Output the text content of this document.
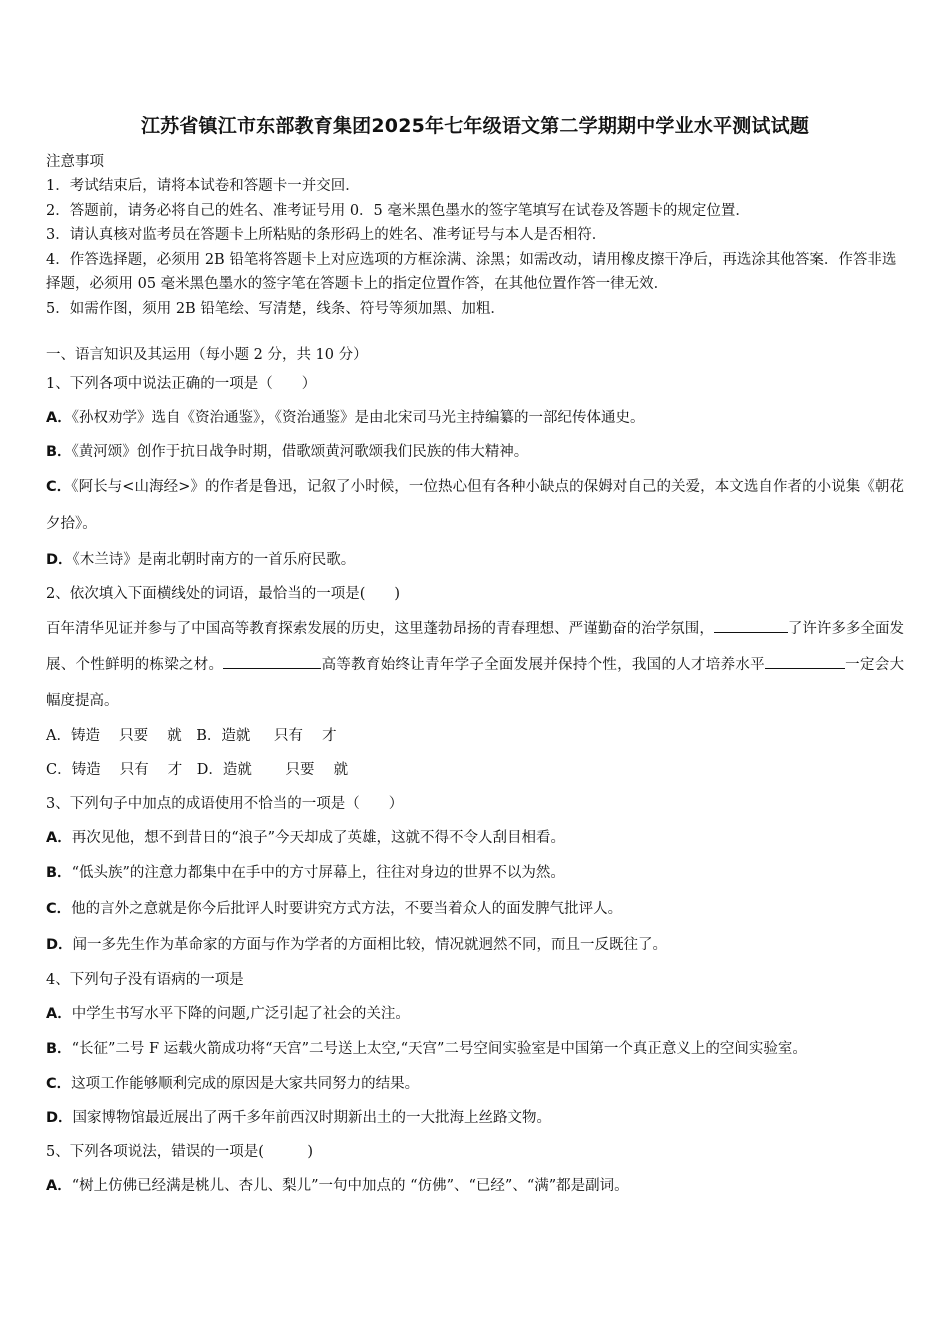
江苏省镇江市东部教育集团2025年七年级语文第二学期期中学业水平测试试题
注意事项
1．考试结束后，请将本试卷和答题卡一并交回．
2．答题前，请务必将自己的姓名、准考证号用 0．5 毫米黑色墨水的签字笔填写在试卷及答题卡的规定位置．
3．请认真核对监考员在答题卡上所粘贴的条形码上的姓名、准考证号与本人是否相符．
4．作答选择题，必须用 2B 铅笔将答题卡上对应选项的方框涂满、涂黑；如需改动，请用橡皮擦干净后，再选涂其他答案．作答非选择题，必须用 05 毫米黑色墨水的签字笔在答题卡上的指定位置作答，在其他位置作答一律无效．
5．如需作图，须用 2B 铅笔绘、写清楚，线条、符号等须加黑、加粗．
一、语言知识及其运用（每小题 2 分，共 10 分）
1、下列各项中说法正确的一项是（　　）
A．《孙权劝学》选自《资治通鉴》，《资治通鉴》是由北宋司马光主持编纂的一部纪传体通史。
B．《黄河颂》创作于抗日战争时期，借歌颂黄河歌颂我们民族的伟大精神。
C．《阿长与<山海经>》的作者是鲁迅，记叙了小时候，一位热心但有各种小缺点的保姆对自己的关爱，本文选自作者的小说集《朝花夕拾》。
D．《木兰诗》是南北朝时南方的一首乐府民歌。
2、依次填入下面横线处的词语，最恰当的一项是(　　)
百年清华见证并参与了中国高等教育探索发展的历史，这里蓬勃昂扬的青春理想、严谨勤奋的治学氛围，	了许许多多全面发展、个性鲜明的栋梁之材。	高等教育始终让青年学子全面发展并保持个性，我国的人才培养水平	一定会大幅度提高。
A．铸造　 只要　 就　B．造就　  只有　 才
C．铸造　 只有　 才　D．造就　　 只要　 就
3、下列句子中加点的成语使用不恰当的一项是（　　）
A．再次见他，想不到昔日的“浪子”今天却成了英雄，这就不得不令人刮目相看。
B．“低头族”的注意力都集中在手中的方寸屏幕上，往往对身边的世界不以为然。
C．他的言外之意就是你今后批评人时要讲究方式方法，不要当着众人的面发脾气批评人。
D．闻一多先生作为革命家的方面与作为学者的方面相比较，情况就迥然不同，而且一反既往了。
4、下列句子没有语病的一项是
A．中学生书写水平下降的问题,广泛引起了社会的关注。
B．“长征”二号 F 运载火箭成功将“天宫”二号送上太空,“天宫”二号空间实验室是中国第一个真正意义上的空间实验室。
C．这项工作能够顺利完成的原因是大家共同努力的结果。
D．国家博物馆最近展出了两千多年前西汉时期新出土的一大批海上丝路文物。
5、下列各项说法，错误的一项是(　　　)
A．“树上仿佛已经满是桃儿、杏儿、梨儿”一句中加点的 “仿佛”、“已经”、“满”都是副词。
